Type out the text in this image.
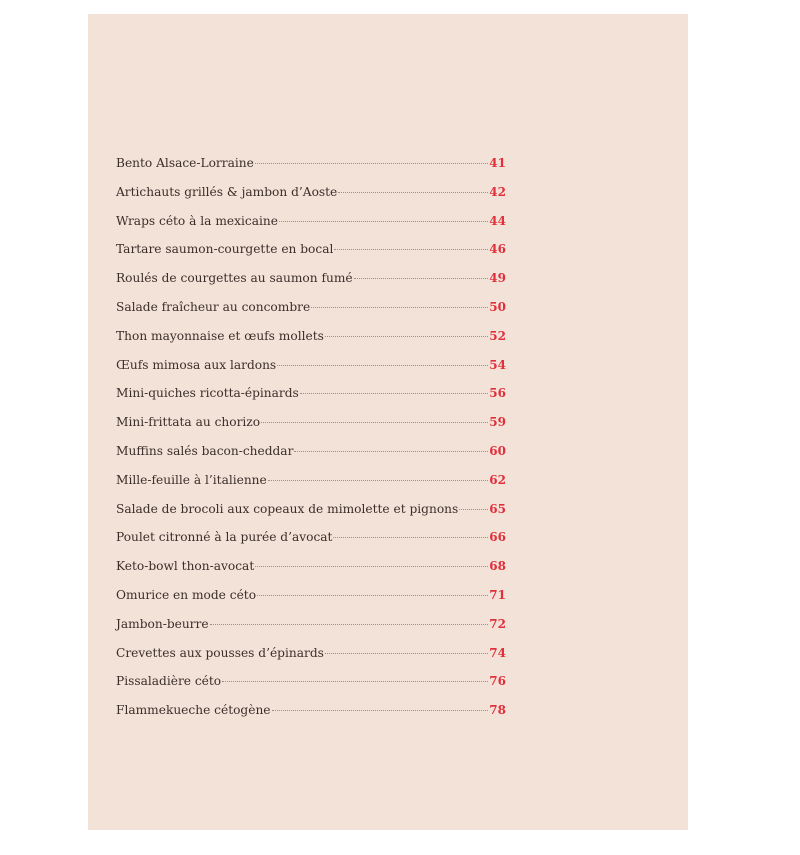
Bento Alsace-Lorraine	41
Artichauts grillés & jambon d’Aoste	42
Wraps céto à la mexicaine	44
Tartare saumon-courgette en bocal	46
Roulés de courgettes au saumon fumé	49
Salade fraîcheur au concombre	50
Thon mayonnaise et œufs mollets	52
Œufs mimosa aux lardons	54
Mini-quiches ricotta-épinards	56
Mini-frittata au chorizo	59
Muffins salés bacon-cheddar	60
Mille-feuille à l’italienne	62
Salade de brocoli aux copeaux de mimolette et pignons	65
Poulet citronné à la purée d’avocat	66
Keto-bowl thon-avocat	68
Omurice en mode céto	71
Jambon-beurre	72
Crevettes aux pousses d’épinards	74
Pissaladière céto	76
Flammekueche cétogène	78
